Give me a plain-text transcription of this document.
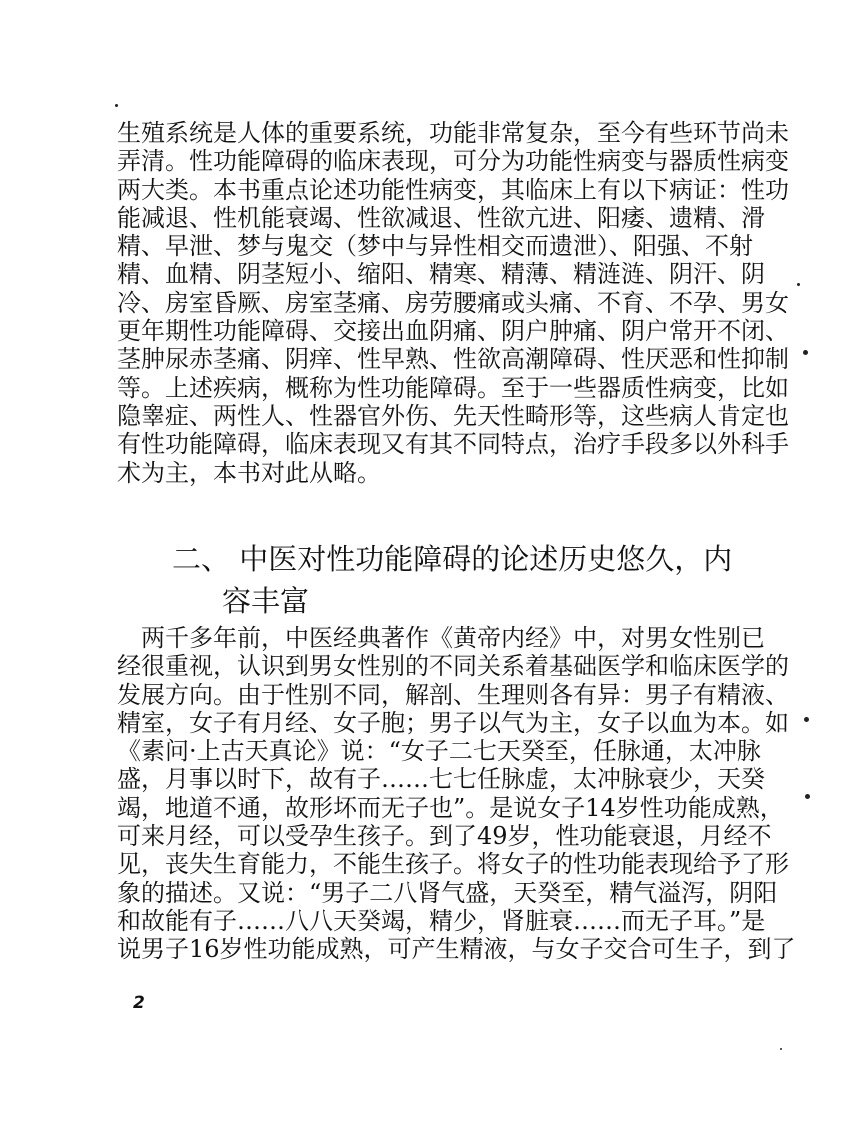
生殖系统是人体的重要系统，功能非常复杂，至今有些环节尚未
弄清。性功能障碍的临床表现，可分为功能性病变与器质性病变
两大类。本书重点论述功能性病变，其临床上有以下病证：性功
能减退、性机能衰竭、性欲减退、性欲亢进、阳痿、遗精、滑
精、早泄、梦与鬼交（梦中与异性相交而遗泄）、阳强、不射
精、血精、阴茎短小、缩阳、精寒、精薄、精涟涟、阴汗、阴
冷、房室昏厥、房室茎痛、房劳腰痛或头痛、不育、不孕、男女
更年期性功能障碍、交接出血阴痛、阴户肿痛、阴户常开不闭、
茎肿尿赤茎痛、阴痒、性早熟、性欲高潮障碍、性厌恶和性抑制
等。上述疾病，概称为性功能障碍。至于一些器质性病变，比如
隐睾症、两性人、性器官外伤、先天性畸形等，这些病人肯定也
有性功能障碍，临床表现又有其不同特点，治疗手段多以外科手
术为主，本书对此从略。
二、 中医对性功能障碍的论述历史悠久，内
容丰富
　两千多年前，中医经典著作《黄帝内经》中，对男女性别已
经很重视，认识到男女性别的不同关系着基础医学和临床医学的
发展方向。由于性别不同，解剖、生理则各有异：男子有精液、
精室，女子有月经、女子胞；男子以气为主，女子以血为本。如
《素问·上古天真论》说：“女子二七天癸至，任脉通，太冲脉
盛，月事以时下，故有子……七七任脉虚，太冲脉衰少，天癸
竭，地道不通，故形坏而无子也”。是说女子14岁性功能成熟，
可来月经，可以受孕生孩子。到了49岁，性功能衰退，月经不
见，丧失生育能力，不能生孩子。将女子的性功能表现给予了形
象的描述。又说：“男子二八肾气盛，天癸至，精气溢泻，阴阳
和故能有子……八八天癸竭，精少，肾脏衰……而无子耳。”是
说男子16岁性功能成熟，可产生精液，与女子交合可生子，到了
2
